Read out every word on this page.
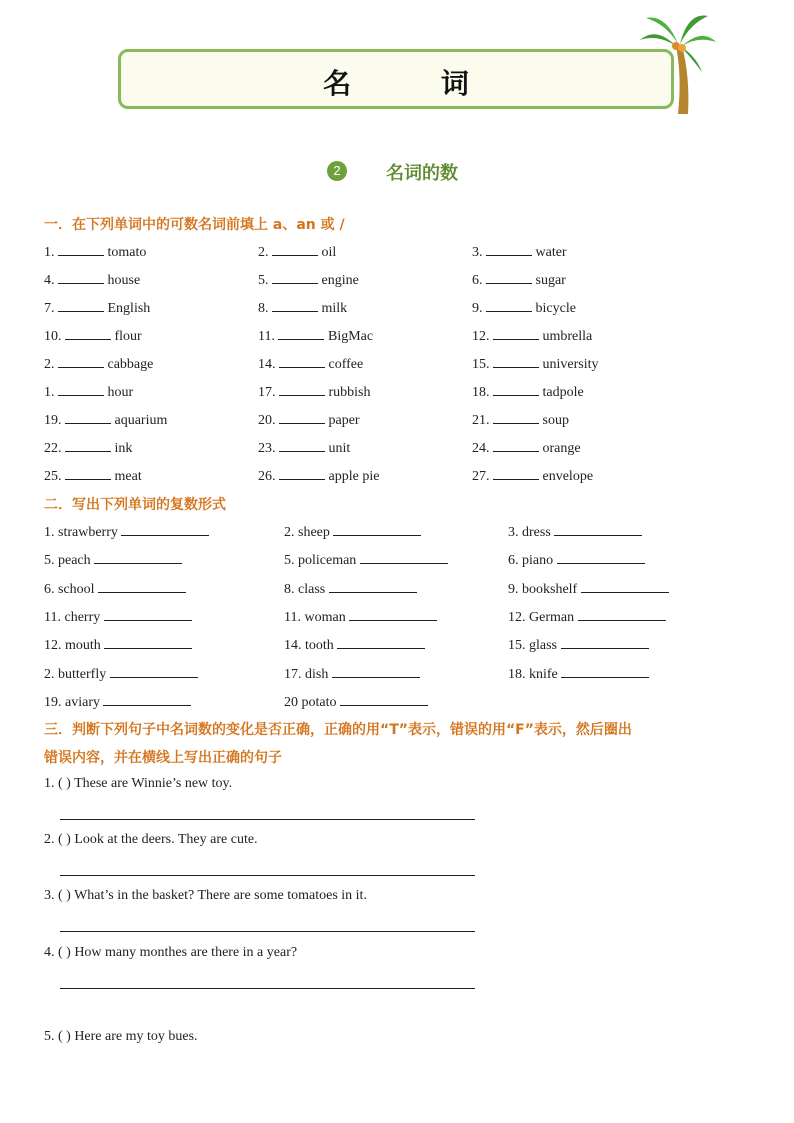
名 词
2	名词的数
一．在下列单词中的可数名词前填上 a、an 或 /
1.	tomato	2.	oil	3.	water
4.	house	5.	engine	6.	sugar
7.	English	8.	milk	9.	bicycle
10.	flour	11.	BigMac	12.	umbrella
2.	cabbage	14.	coffee	15.	university
1.	hour	17.	rubbish	18.	tadpole
19.	aquarium	20.	paper	21.	soup
22.	ink	23.	unit	24.	orange
25.	meat	26.	apple pie	27.	envelope
二．写出下列单词的复数形式
1. strawberry	2. sheep	3. dress
5. peach	5. policeman	6. piano
6. school	8. class	9. bookshelf
11. cherry	11. woman	12. German
12. mouth	14. tooth	15. glass
2. butterfly	17. dish	18. knife
19. aviary	20 potato
三．判断下列句子中名词数的变化是否正确，正确的用“T”表示，错误的用“F”表示，然后圈出
错误内容，并在横线上写出正确的句子
1. ( ) These are Winnie’s new toy.
2. ( ) Look at the deers. They are cute.
3. ( ) What’s in the basket? There are some tomatoes in it.
4. ( ) How many monthes are there in a year?
5. ( ) Here are my toy bues.
